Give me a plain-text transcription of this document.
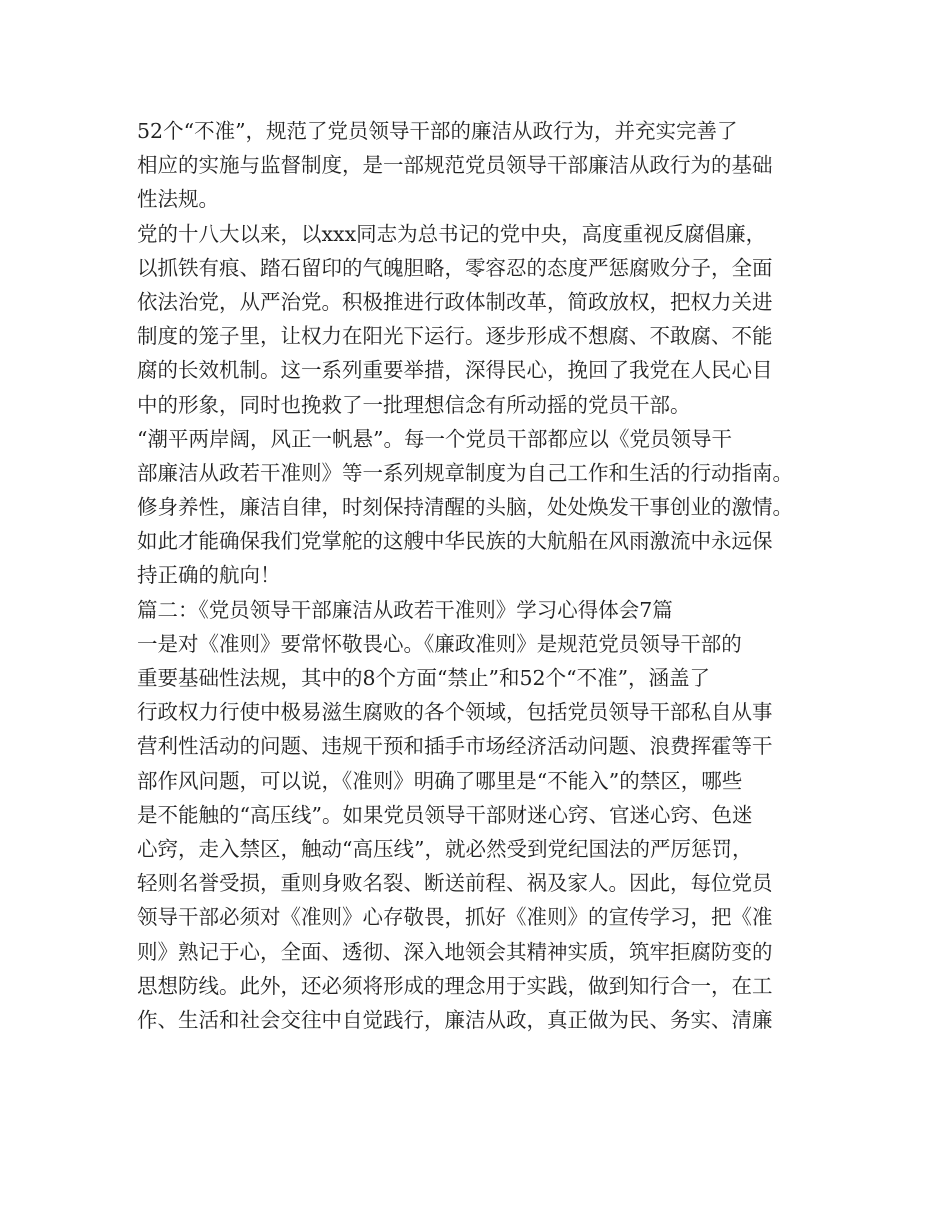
52个“不准”，规范了党员领导干部的廉洁从政行为，并充实完善了
相应的实施与监督制度，是一部规范党员领导干部廉洁从政行为的基础
性法规。
党的十八大以来，以xxx同志为总书记的党中央，高度重视反腐倡廉，
以抓铁有痕、踏石留印的气魄胆略，零容忍的态度严惩腐败分子，全面
依法治党，从严治党。积极推进行政体制改革，简政放权，把权力关进
制度的笼子里，让权力在阳光下运行。逐步形成不想腐、不敢腐、不能
腐的长效机制。这一系列重要举措，深得民心，挽回了我党在人民心目
中的形象，同时也挽救了一批理想信念有所动摇的党员干部。
“潮平两岸阔，风正一帆悬”。每一个党员干部都应以《党员领导干
部廉洁从政若干准则》等一系列规章制度为自己工作和生活的行动指南。
修身养性，廉洁自律，时刻保持清醒的头脑，处处焕发干事创业的激情。
如此才能确保我们党掌舵的这艘中华民族的大航船在风雨激流中永远保
持正确的航向！
篇二：《党员领导干部廉洁从政若干准则》学习心得体会7篇
一是对《准则》要常怀敬畏心。《廉政准则》是规范党员领导干部的
重要基础性法规，其中的8个方面“禁止”和52个“不准”，涵盖了
行政权力行使中极易滋生腐败的各个领域，包括党员领导干部私自从事
营利性活动的问题、违规干预和插手市场经济活动问题、浪费挥霍等干
部作风问题，可以说，《准则》明确了哪里是“不能入”的禁区，哪些
是不能触的“高压线”。如果党员领导干部财迷心窍、官迷心窍、色迷
心窍，走入禁区，触动“高压线”，就必然受到党纪国法的严厉惩罚，
轻则名誉受损，重则身败名裂、断送前程、祸及家人。因此，每位党员
领导干部必须对《准则》心存敬畏，抓好《准则》的宣传学习，把《准
则》熟记于心，全面、透彻、深入地领会其精神实质，筑牢拒腐防变的
思想防线。此外，还必须将形成的理念用于实践，做到知行合一，在工
作、生活和社会交往中自觉践行，廉洁从政，真正做为民、务实、清廉
